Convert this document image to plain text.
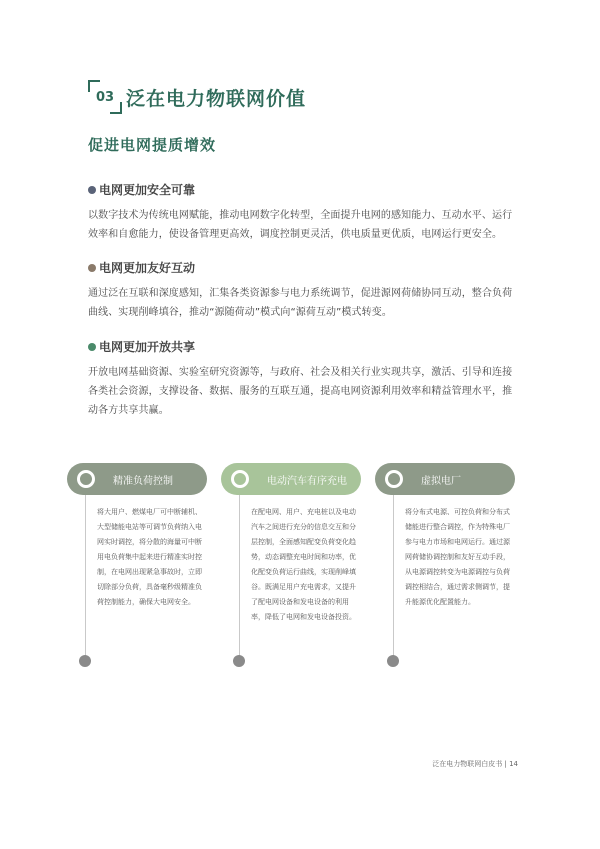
03 泛在电力物联网价值
促进电网提质增效
电网更加安全可靠
以数字技术为传统电网赋能，推动电网数字化转型，全面提升电网的感知能力、互动水平、运行效率和自愈能力，使设备管理更高效，调度控制更灵活，供电质量更优质，电网运行更安全。
电网更加友好互动
通过泛在互联和深度感知，汇集各类资源参与电力系统调节，促进源网荷储协同互动，整合负荷曲线、实现削峰填谷，推动“源随荷动”模式向“源荷互动”模式转变。
电网更加开放共享
开放电网基础资源、实验室研究资源等，与政府、社会及相关行业实现共享，激活、引导和连接各类社会资源，支撑设备、数据、服务的互联互通，提高电网资源利用效率和精益管理水平，推动各方共享共赢。
精准负荷控制
将大用户、燃煤电厂可中断辅机、大型储能电站等可调节负荷纳入电网实时调控，将分散的海量可中断用电负荷集中起来进行精准实时控制，在电网出现紧急事故时，立即切除部分负荷，具备毫秒级精准负荷控制能力，确保大电网安全。
电动汽车有序充电
在配电网、用户、充电桩以及电动汽车之间进行充分的信息交互和分层控制，全面感知配变负荷变化趋势，动态调整充电时间和功率，优化配变负荷运行曲线，实现削峰填谷。既满足用户充电需求，又提升了配电网设备和发电设备的利用率，降低了电网和发电设备投资。
虚拟电厂
将分布式电源、可控负荷和分布式储能进行整合调控，作为特殊电厂参与电力市场和电网运行。通过源网荷储协调控制和友好互动手段，从电源调控转变为电源调控与负荷调控相结合，通过需求侧调节，提升能源优化配置能力。
泛在电力物联网白皮书 | 14
